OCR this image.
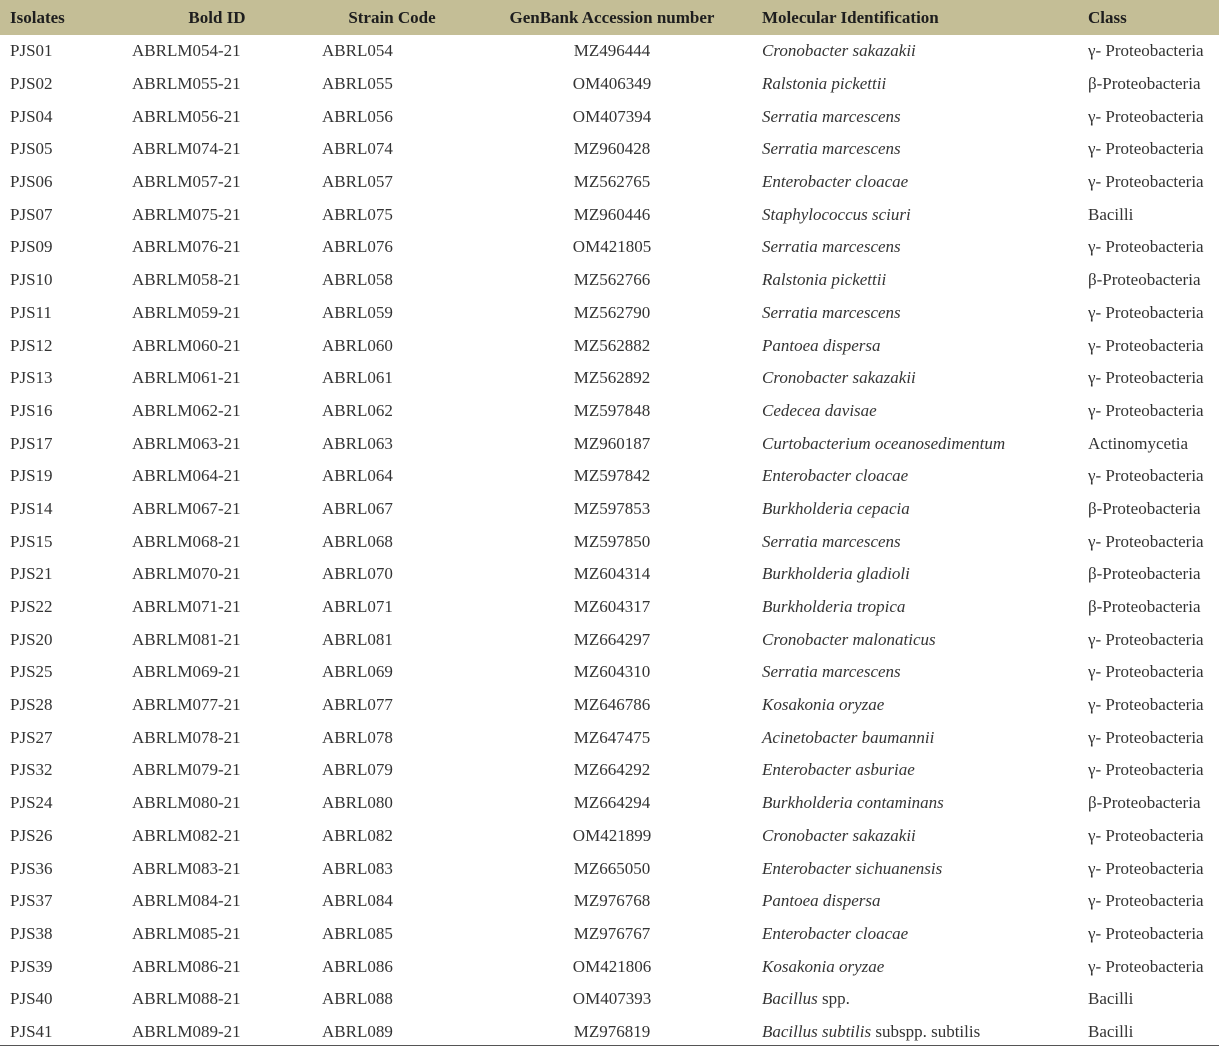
Isolates	Bold ID	Strain Code	GenBank Accession number	Molecular Identification	Class
PJS01	ABRLM054-21	ABRL054	MZ496444	Cronobacter sakazakii	γ- Proteobacteria
PJS02	ABRLM055-21	ABRL055	OM406349	Ralstonia pickettii	β-Proteobacteria
PJS04	ABRLM056-21	ABRL056	OM407394	Serratia marcescens	γ- Proteobacteria
PJS05	ABRLM074-21	ABRL074	MZ960428	Serratia marcescens	γ- Proteobacteria
PJS06	ABRLM057-21	ABRL057	MZ562765	Enterobacter cloacae	γ- Proteobacteria
PJS07	ABRLM075-21	ABRL075	MZ960446	Staphylococcus sciuri	Bacilli
PJS09	ABRLM076-21	ABRL076	OM421805	Serratia marcescens	γ- Proteobacteria
PJS10	ABRLM058-21	ABRL058	MZ562766	Ralstonia pickettii	β-Proteobacteria
PJS11	ABRLM059-21	ABRL059	MZ562790	Serratia marcescens	γ- Proteobacteria
PJS12	ABRLM060-21	ABRL060	MZ562882	Pantoea dispersa	γ- Proteobacteria
PJS13	ABRLM061-21	ABRL061	MZ562892	Cronobacter sakazakii	γ- Proteobacteria
PJS16	ABRLM062-21	ABRL062	MZ597848	Cedecea davisae	γ- Proteobacteria
PJS17	ABRLM063-21	ABRL063	MZ960187	Curtobacterium oceanosedimentum	Actinomycetia
PJS19	ABRLM064-21	ABRL064	MZ597842	Enterobacter cloacae	γ- Proteobacteria
PJS14	ABRLM067-21	ABRL067	MZ597853	Burkholderia cepacia	β-Proteobacteria
PJS15	ABRLM068-21	ABRL068	MZ597850	Serratia marcescens	γ- Proteobacteria
PJS21	ABRLM070-21	ABRL070	MZ604314	Burkholderia gladioli	β-Proteobacteria
PJS22	ABRLM071-21	ABRL071	MZ604317	Burkholderia tropica	β-Proteobacteria
PJS20	ABRLM081-21	ABRL081	MZ664297	Cronobacter malonaticus	γ- Proteobacteria
PJS25	ABRLM069-21	ABRL069	MZ604310	Serratia marcescens	γ- Proteobacteria
PJS28	ABRLM077-21	ABRL077	MZ646786	Kosakonia oryzae	γ- Proteobacteria
PJS27	ABRLM078-21	ABRL078	MZ647475	Acinetobacter baumannii	γ- Proteobacteria
PJS32	ABRLM079-21	ABRL079	MZ664292	Enterobacter asburiae	γ- Proteobacteria
PJS24	ABRLM080-21	ABRL080	MZ664294	Burkholderia contaminans	β-Proteobacteria
PJS26	ABRLM082-21	ABRL082	OM421899	Cronobacter sakazakii	γ- Proteobacteria
PJS36	ABRLM083-21	ABRL083	MZ665050	Enterobacter sichuanensis	γ- Proteobacteria
PJS37	ABRLM084-21	ABRL084	MZ976768	Pantoea dispersa	γ- Proteobacteria
PJS38	ABRLM085-21	ABRL085	MZ976767	Enterobacter cloacae	γ- Proteobacteria
PJS39	ABRLM086-21	ABRL086	OM421806	Kosakonia oryzae	γ- Proteobacteria
PJS40	ABRLM088-21	ABRL088	OM407393	Bacillus spp.	Bacilli
PJS41	ABRLM089-21	ABRL089	MZ976819	Bacillus subtilis subspp. subtilis	Bacilli
